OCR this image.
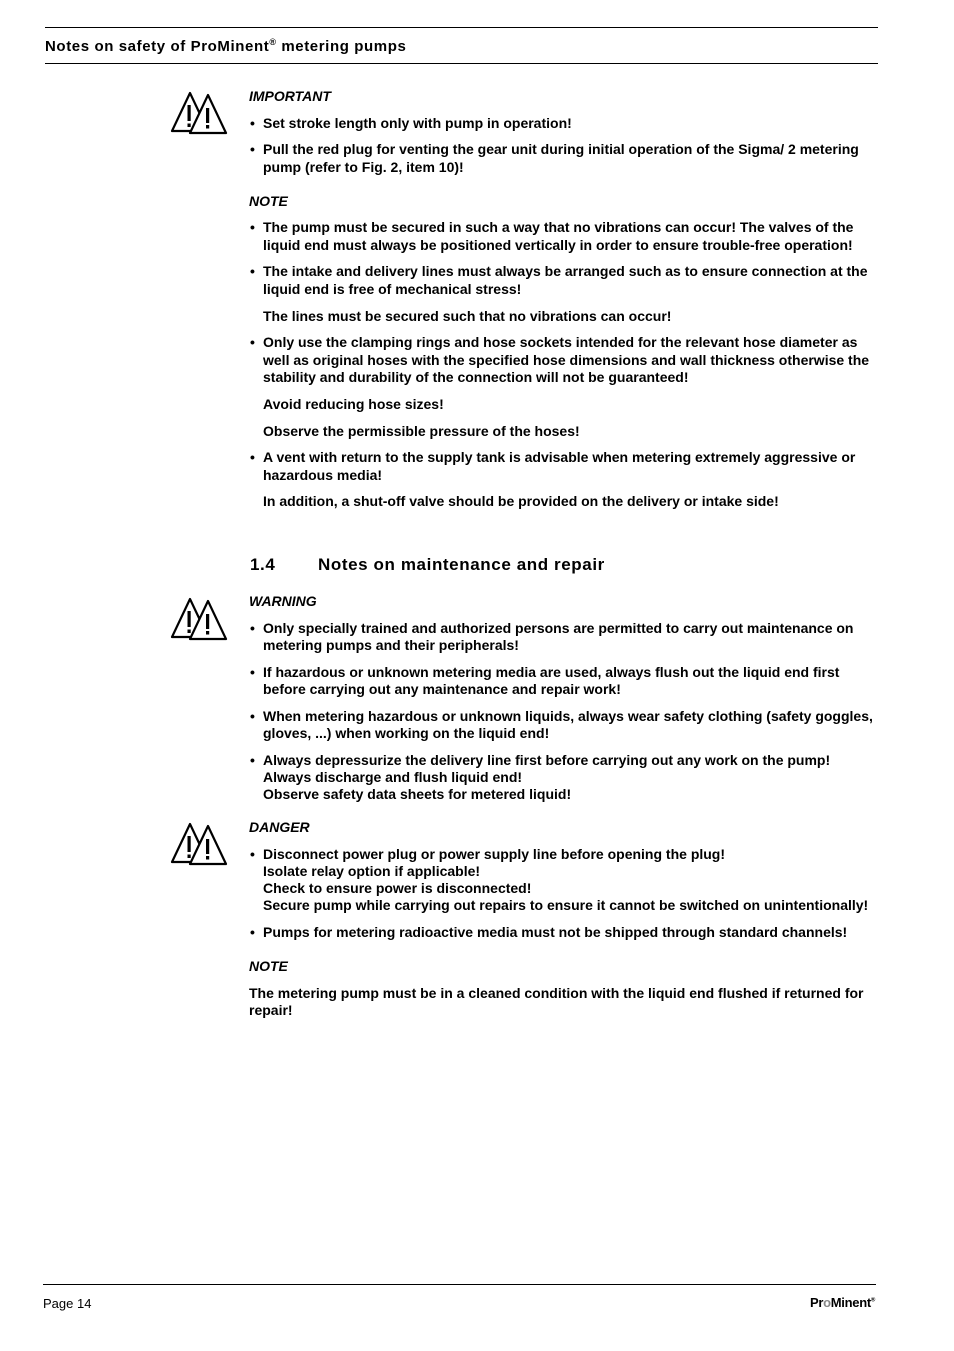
Notes on safety of ProMinent® metering pumps
IMPORTANT
• Set stroke length only with pump in operation!
• Pull the red plug for venting the gear unit during initial operation of the Sigma/ 2 metering pump (refer to Fig. 2, item 10)!
NOTE
• The pump must be secured in such a way that no vibrations can occur! The valves of the liquid end must always be positioned vertically in order to ensure trouble-free operation!
• The intake and delivery lines must always be arranged such as to ensure connection at the liquid end is free of mechanical stress!
The lines must be secured such that no vibrations can occur!
• Only use the clamping rings and hose sockets intended for the relevant hose diameter as well as original hoses with the specified hose dimensions and wall thickness otherwise the stability and durability of the connection will not be guaranteed!
Avoid reducing hose sizes!
Observe the permissible pressure of the hoses!
• A vent with return to the supply tank is advisable when metering extremely aggressive or hazardous media!
In addition, a shut-off valve should be provided on the delivery or intake side!
1.4	Notes on maintenance and repair
WARNING
• Only specially trained and authorized persons are permitted to carry out maintenance on metering pumps and their peripherals!
• If hazardous or unknown metering media are used, always flush out the liquid end first before carrying out any maintenance and repair work!
• When metering hazardous or unknown liquids, always wear safety clothing (safety goggles, gloves, ...) when working on the liquid end!
• Always depressurize the delivery line first before carrying out any work on the pump!
Always discharge and flush liquid end!
Observe safety data sheets for metered liquid!
DANGER
• Disconnect power plug or power supply line before opening the plug!
Isolate relay option if applicable!
Check to ensure power is disconnected!
Secure pump while carrying out repairs to ensure it cannot be switched on unintentionally!
• Pumps for metering radioactive media must not be shipped through standard channels!
NOTE
The metering pump must be in a cleaned condition with the liquid end flushed if returned for repair!
Page 14	ProMinent®
